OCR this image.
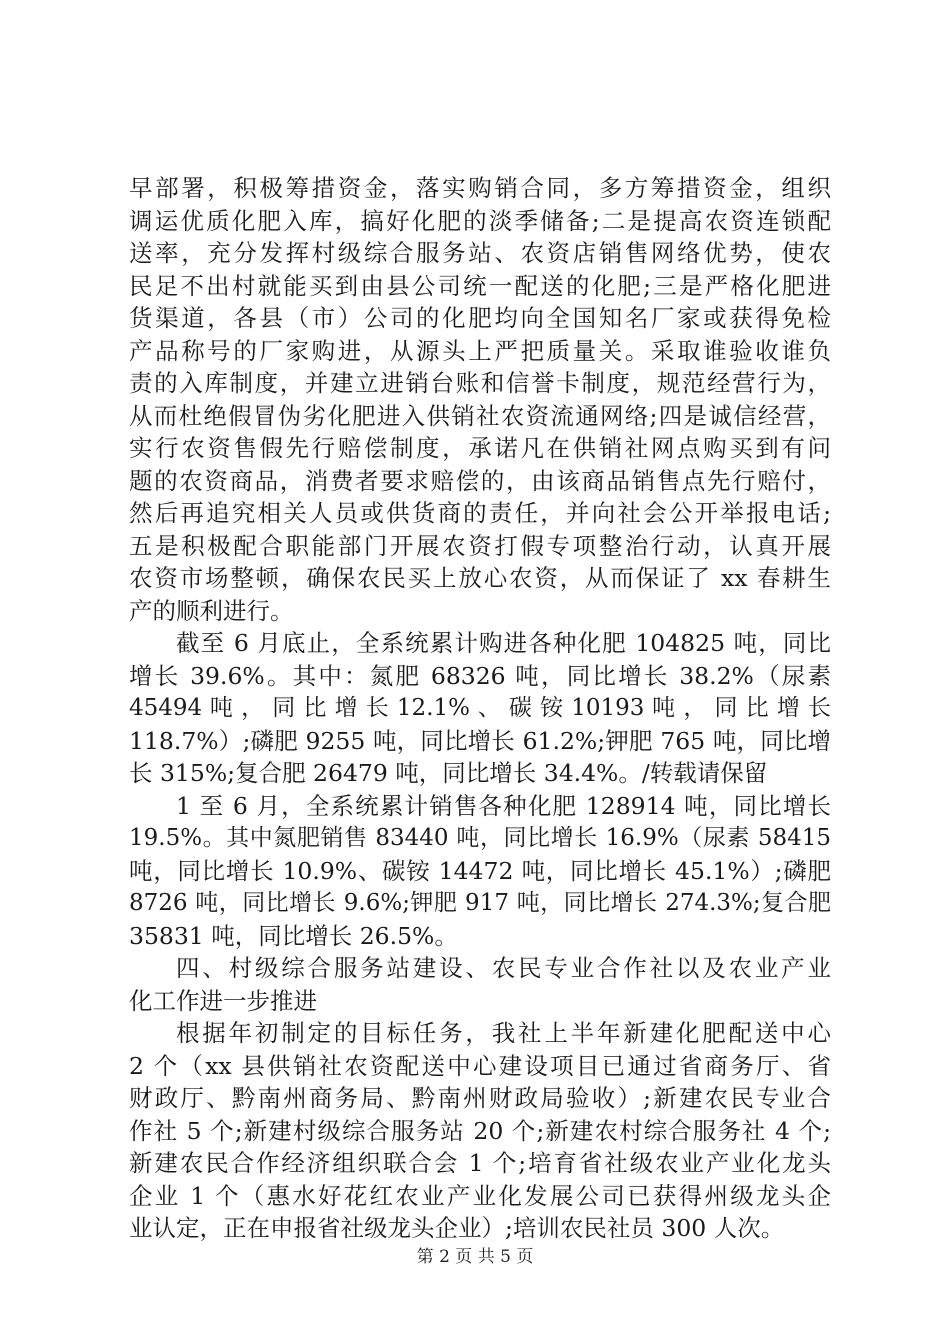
早部署，积极筹措资金，落实购销合同，多方筹措资金，组织
调运优质化肥入库，搞好化肥的淡季储备;二是提高农资连锁配
送率，充分发挥村级综合服务站、农资店销售网络优势，使农
民足不出村就能买到由县公司统一配送的化肥;三是严格化肥进
货渠道，各县（市）公司的化肥均向全国知名厂家或获得免检
产品称号的厂家购进，从源头上严把质量关。采取谁验收谁负
责的入库制度，并建立进销台账和信誉卡制度，规范经营行为，
从而杜绝假冒伪劣化肥进入供销社农资流通网络;四是诚信经营，
实行农资售假先行赔偿制度，承诺凡在供销社网点购买到有问
题的农资商品，消费者要求赔偿的，由该商品销售点先行赔付，
然后再追究相关人员或供货商的责任，并向社会公开举报电话;
五是积极配合职能部门开展农资打假专项整治行动，认真开展
农资市场整顿，确保农民买上放心农资，从而保证了 xx 春耕生
产的顺利进行。
截至 6 月底止，全系统累计购进各种化肥 104825 吨，同比
增长 39.6%。其中：氮肥 68326 吨，同比增长 38.2%（尿素
45494 吨 ， 同 比 增 长 12.1% 、 碳 铵 10193 吨 ， 同 比 增 长
118.7%）;磷肥 9255 吨，同比增长 61.2%;钾肥 765 吨，同比增
长 315%;复合肥 26479 吨，同比增长 34.4%。/转载请保留
1 至 6 月，全系统累计销售各种化肥 128914 吨，同比增长
19.5%。其中氮肥销售 83440 吨，同比增长 16.9%（尿素 58415
吨，同比增长 10.9%、碳铵 14472 吨，同比增长 45.1%）;磷肥
8726 吨，同比增长 9.6%;钾肥 917 吨，同比增长 274.3%;复合肥
35831 吨，同比增长 26.5%。
四、村级综合服务站建设、农民专业合作社以及农业产业
化工作进一步推进
根据年初制定的目标任务，我社上半年新建化肥配送中心
2 个（xx 县供销社农资配送中心建设项目已通过省商务厅、省
财政厅、黔南州商务局、黔南州财政局验收）;新建农民专业合
作社 5 个;新建村级综合服务站 20 个;新建农村综合服务社 4 个;
新建农民合作经济组织联合会 1 个;培育省社级农业产业化龙头
企业 1 个（惠水好花红农业产业化发展公司已获得州级龙头企
业认定，正在申报省社级龙头企业）;培训农民社员 300 人次。
第 2 页 共 5 页
